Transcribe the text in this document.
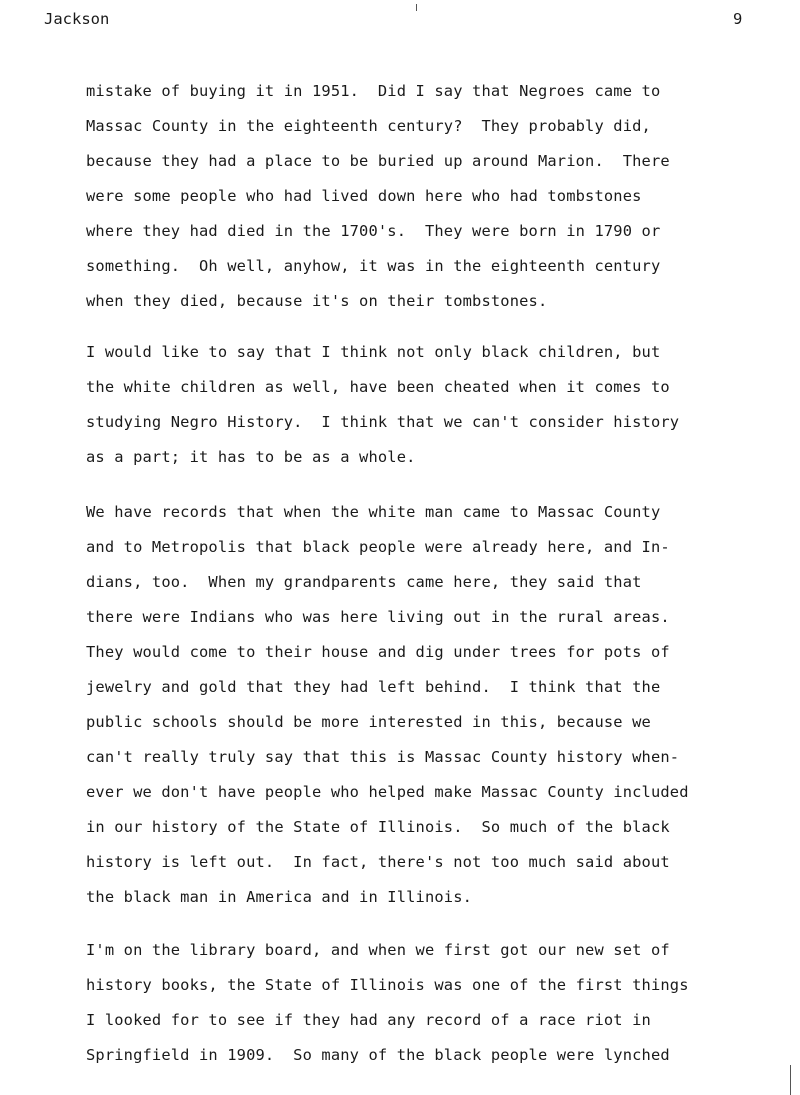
Jackson	9
mistake of buying it in 1951.  Did I say that Negroes came to
Massac County in the eighteenth century?  They probably did,
because they had a place to be buried up around Marion.  There
were some people who had lived down here who had tombstones
where they had died in the 1700's.  They were born in 1790 or
something.  Oh well, anyhow, it was in the eighteenth century
when they died, because it's on their tombstones.
I would like to say that I think not only black children, but
the white children as well, have been cheated when it comes to
studying Negro History.  I think that we can't consider history
as a part; it has to be as a whole.
We have records that when the white man came to Massac County
and to Metropolis that black people were already here, and In-
dians, too.  When my grandparents came here, they said that
there were Indians who was here living out in the rural areas.
They would come to their house and dig under trees for pots of
jewelry and gold that they had left behind.  I think that the
public schools should be more interested in this, because we
can't really truly say that this is Massac County history when-
ever we don't have people who helped make Massac County included
in our history of the State of Illinois.  So much of the black
history is left out.  In fact, there's not too much said about
the black man in America and in Illinois.
I'm on the library board, and when we first got our new set of
history books, the State of Illinois was one of the first things
I looked for to see if they had any record of a race riot in
Springfield in 1909.  So many of the black people were lynched
